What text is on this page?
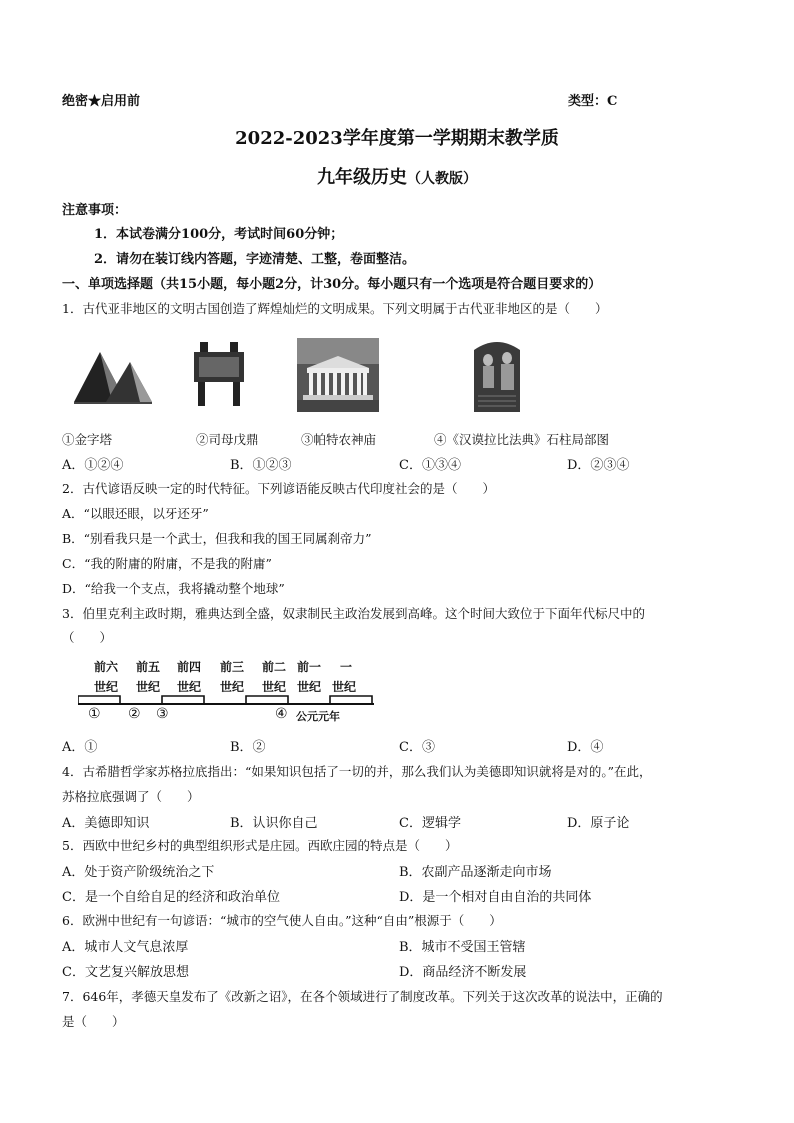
绝密★启用前	类型：C
2022-2023学年度第一学期期末教学质
九年级历史（人教版）
注意事项：
1．本试卷满分100分，考试时间60分钟；
2．请勿在装订线内答题，字迹清楚、工整，卷面整洁。
一、单项选择题（共15小题，每小题2分，计30分。每小题只有一个选项是符合题目要求的）
1．古代亚非地区的文明古国创造了辉煌灿烂的文明成果。下列文明属于古代亚非地区的是（　　）
①金字塔	②司母戊鼎	③帕特农神庙	④《汉谟拉比法典》石柱局部图
A．①②④	B．①②③	C．①③④	D．②③④
2．古代谚语反映一定的时代特征。下列谚语能反映古代印度社会的是（　　）
A．“以眼还眼，以牙还牙”
B．“别看我只是一个武士，但我和我的国王同属刹帝力”
C．“我的附庸的附庸，不是我的附庸”
D．“给我一个支点，我将撬动整个地球”
3．伯里克利主政时期，雅典达到全盛，奴隶制民主政治发展到高峰。这个时间大致位于下面年代标尺中的
（　　）
前六 前五 前四 前三 前二 前一 一
世纪 世纪 世纪 世纪 世纪 世纪 世纪
① ② ③	④ 公元元年
A．①	B．②	C．③	D．④
4．古希腊哲学家苏格拉底指出：“如果知识包括了一切的并，那么我们认为美德即知识就将是对的。”在此，
苏格拉底强调了（　　）
A．美德即知识	B．认识你自己	C．逻辑学	D．原子论
5．西欧中世纪乡村的典型组织形式是庄园。西欧庄园的特点是（　　）
A．处于资产阶级统治之下	B．农副产品逐渐走向市场
C．是一个自给自足的经济和政治单位	D．是一个相对自由自治的共同体
6．欧洲中世纪有一句谚语：“城市的空气使人自由。”这种“自由”根源于（　　）
A．城市人文气息浓厚	B．城市不受国王管辖
C．文艺复兴解放思想	D．商品经济不断发展
7．646年，孝德天皇发布了《改新之诏》，在各个领域进行了制度改革。下列关于这次改革的说法中，正确的
是（　　）
